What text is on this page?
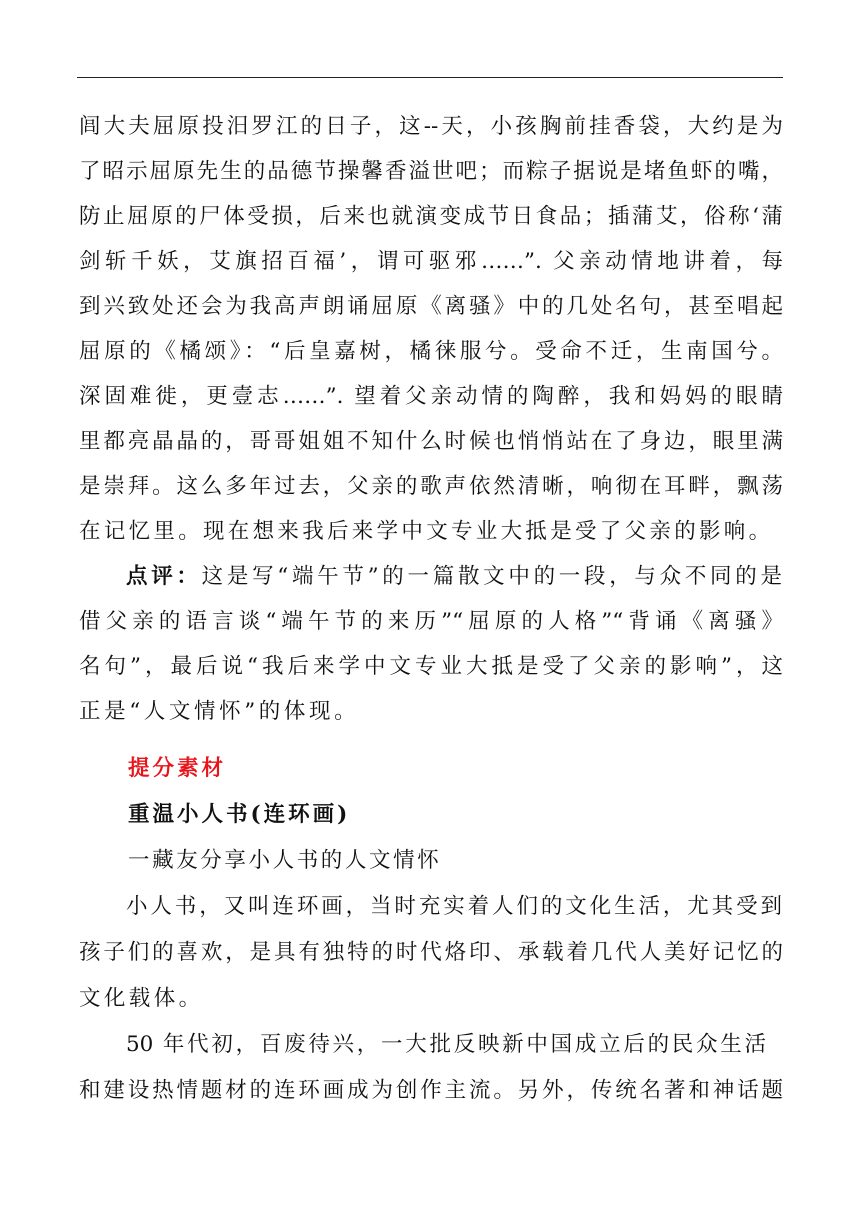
闾大夫屈原投汨罗江的日子，这--天，小孩胸前挂香袋，大约是为
了昭示屈原先生的品德节操馨香溢世吧；而粽子据说是堵鱼虾的嘴，
防止屈原的尸体受损，后来也就演变成节日食品；插蒲艾，俗称‘蒲
剑斩千妖，艾旗招百福’，谓可驱邪……”. 父亲动情地讲着，每
到兴致处还会为我高声朗诵屈原《离骚》中的几处名句，甚至唱起
屈原的《橘颂》：“后皇嘉树，橘徕服兮。受命不迁，生南国兮。
深固难徙，更壹志……”. 望着父亲动情的陶醉，我和妈妈的眼睛
里都亮晶晶的，哥哥姐姐不知什么时候也悄悄站在了身边，眼里满
是崇拜。这么多年过去，父亲的歌声依然清晰，响彻在耳畔，飘荡
在记忆里。现在想来我后来学中文专业大抵是受了父亲的影响。
点评：这是写“端午节”的一篇散文中的一段，与众不同的是
借父亲的语言谈“端午节的来历”“屈原的人格”“背诵《离骚》
名句”，最后说“我后来学中文专业大抵是受了父亲的影响”，这
正是“人文情怀”的体现。
提分素材
重温小人书(连环画)
一藏友分享小人书的人文情怀
小人书，又叫连环画，当时充实着人们的文化生活，尤其受到
孩子们的喜欢，是具有独特的时代烙印、承载着几代人美好记忆的
文化载体。
50 年代初，百废待兴，一大批反映新中国成立后的民众生活
和建设热情题材的连环画成为创作主流。另外，传统名著和神话题
